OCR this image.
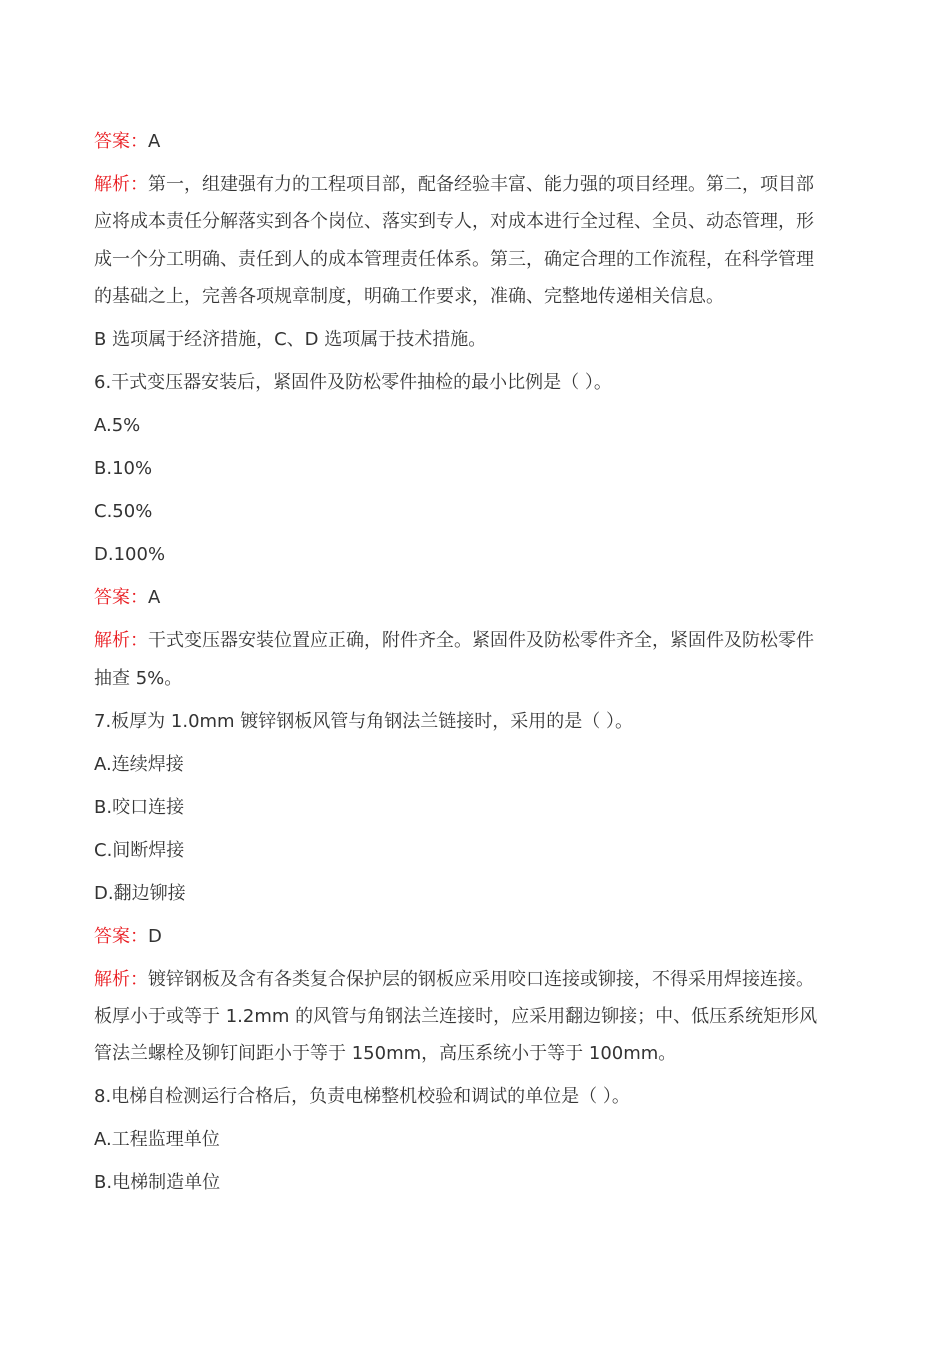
答案：A
解析：第一，组建强有力的工程项目部，配备经验丰富、能力强的项目经理。第二，项目部
应将成本责任分解落实到各个岗位、落实到专人，对成本进行全过程、全员、动态管理，形
成一个分工明确、责任到人的成本管理责任体系。第三，确定合理的工作流程，在科学管理
的基础之上，完善各项规章制度，明确工作要求，准确、完整地传递相关信息。
B 选项属于经济措施，C、D 选项属于技术措施。
6.干式变压器安装后，紧固件及防松零件抽检的最小比例是（ ）。
A.5%
B.10%
C.50%
D.100%
答案：A
解析：干式变压器安装位置应正确，附件齐全。紧固件及防松零件齐全，紧固件及防松零件
抽查 5%。
7.板厚为 1.0mm 镀锌钢板风管与角钢法兰链接时，采用的是（ ）。
A.连续焊接
B.咬口连接
C.间断焊接
D.翻边铆接
答案：D
解析：镀锌钢板及含有各类复合保护层的钢板应采用咬口连接或铆接，不得采用焊接连接。
板厚小于或等于 1.2mm 的风管与角钢法兰连接时，应采用翻边铆接；中、低压系统矩形风
管法兰螺栓及铆钉间距小于等于 150mm，高压系统小于等于 100mm。
8.电梯自检测运行合格后，负责电梯整机校验和调试的单位是（ ）。
A.工程监理单位
B.电梯制造单位
